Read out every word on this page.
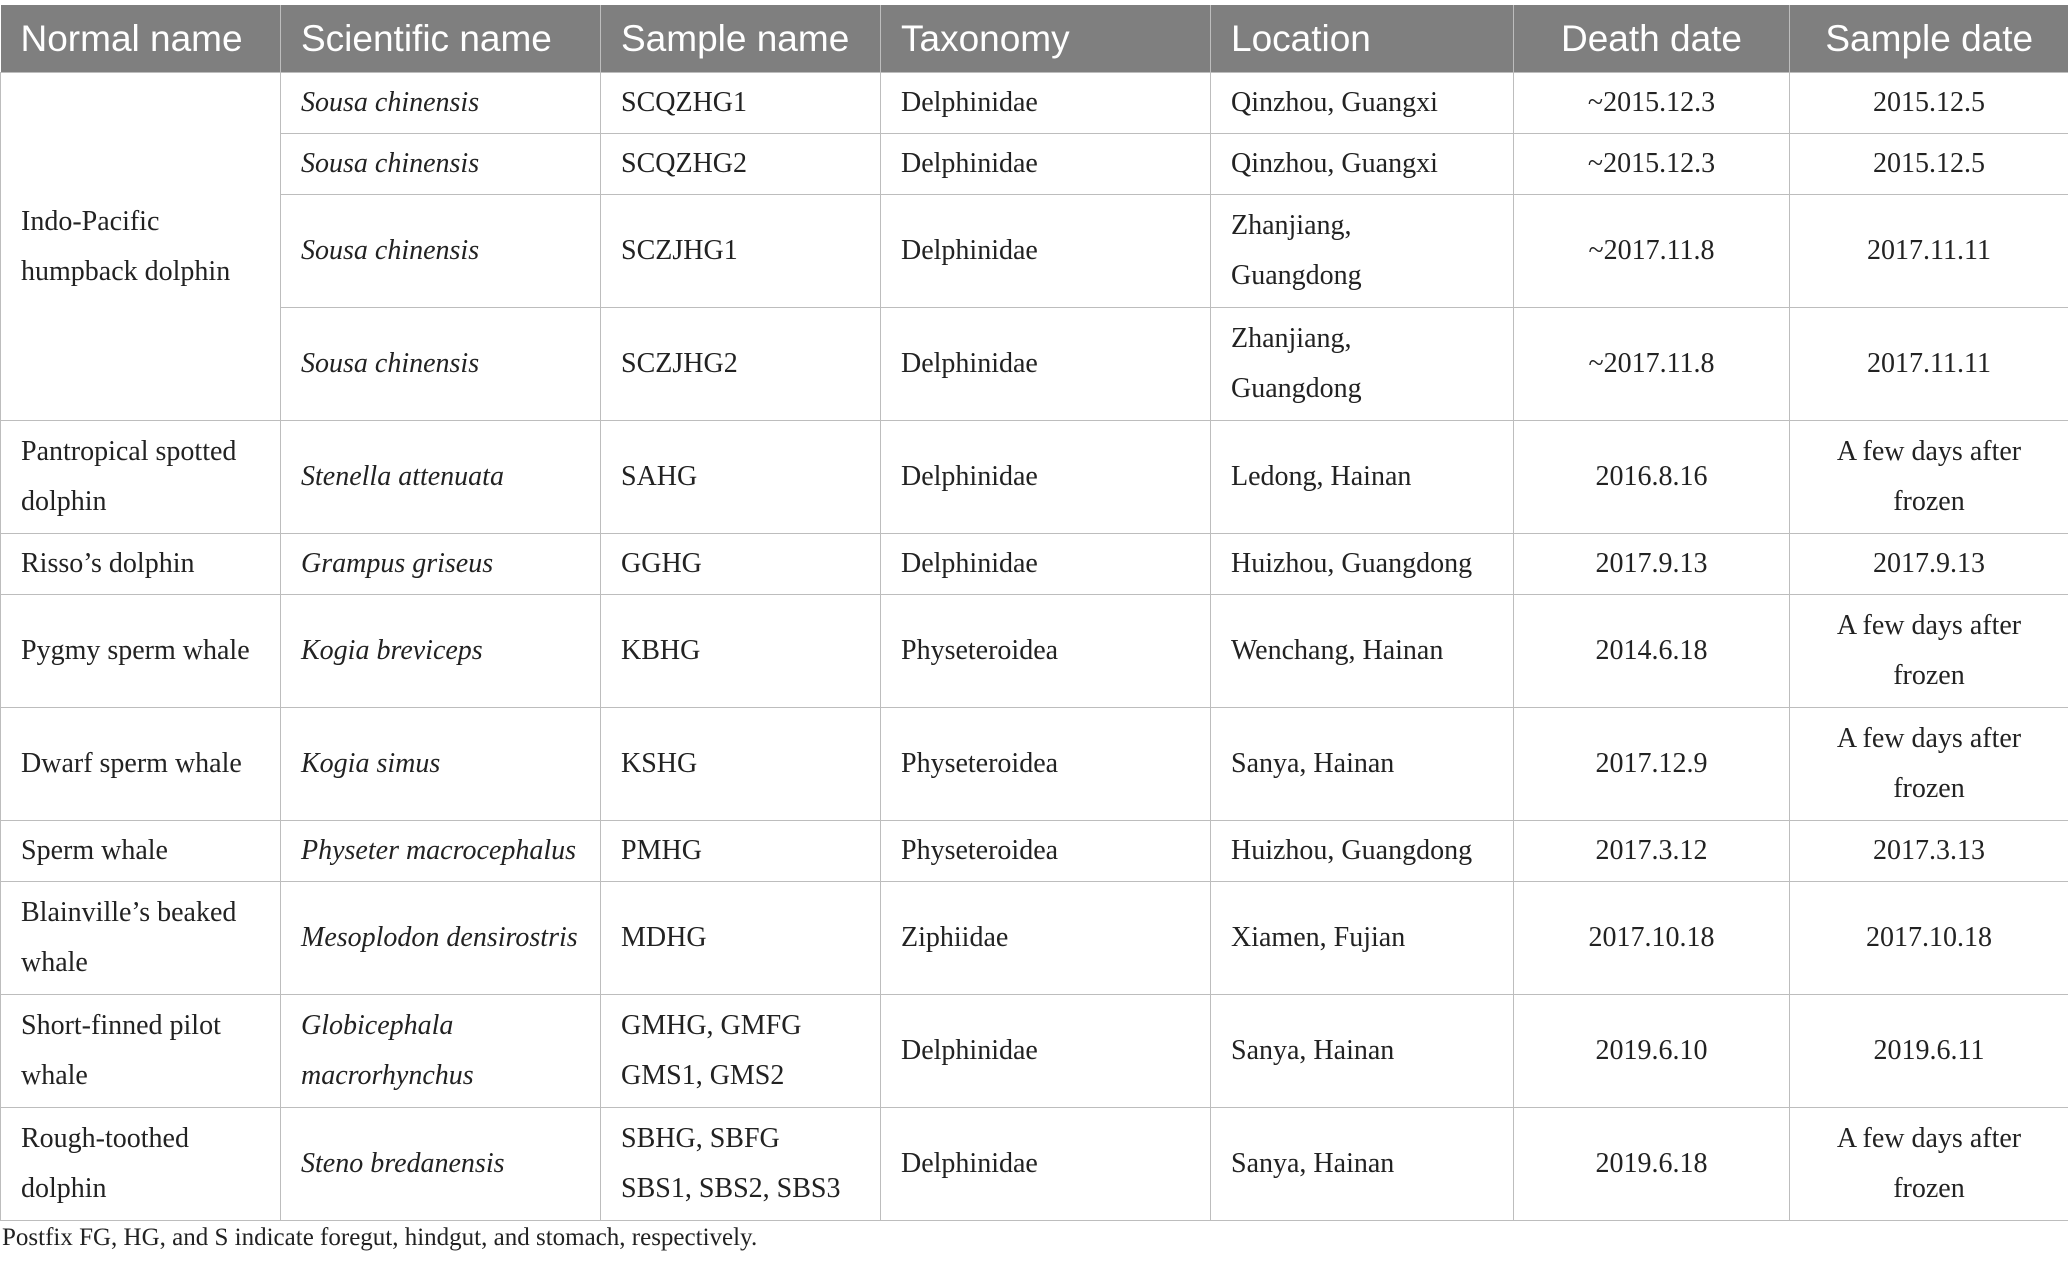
Normal name	Scientific name	Sample name	Taxonomy	Location	Death date	Sample date

Indo-Pacific
humpback dolphin	Sousa chinensis	SCQZHG1	Delphinidae	Qinzhou, Guangxi	~2015.12.3	2015.12.5
	Sousa chinensis	SCQZHG2	Delphinidae	Qinzhou, Guangxi	~2015.12.3	2015.12.5
	Sousa chinensis	SCZJHG1	Delphinidae	Zhanjiang,
Guangdong	~2017.11.8	2017.11.11
	Sousa chinensis	SCZJHG2	Delphinidae	Zhanjiang,
Guangdong	~2017.11.8	2017.11.11

Pantropical spotted
dolphin	Stenella attenuata	SAHG	Delphinidae	Ledong, Hainan	2016.8.16	A few days after
frozen

Risso’s dolphin	Grampus griseus	GGHG	Delphinidae	Huizhou, Guangdong	2017.9.13	2017.9.13
Pygmy sperm whale	Kogia breviceps	KBHG	Physeteroidea	Wenchang, Hainan	2014.6.18	A few days after
frozen

Dwarf sperm whale	Kogia simus	KSHG	Physeteroidea	Sanya, Hainan	2017.12.9	A few days after
frozen

Sperm whale	Physeter macrocephalus	PMHG	Physeteroidea	Huizhou, Guangdong	2017.3.12	2017.3.13

Blainville’s beaked
whale	Mesoplodon densirostris	MDHG	Ziphiidae	Xiamen, Fujian	2017.10.18	2017.10.18

Short-finned pilot
whale	Globicephala
macrorhynchus	GMHG, GMFG
GMS1, GMS2	Delphinidae	Sanya, Hainan	2019.6.10	2019.6.11

Rough-toothed
dolphin	Steno bredanensis	SBHG, SBFG
SBS1, SBS2, SBS3	Delphinidae	Sanya, Hainan	2019.6.18	A few days after
frozen
Postfix FG, HG, and S indicate foregut, hindgut, and stomach, respectively.
